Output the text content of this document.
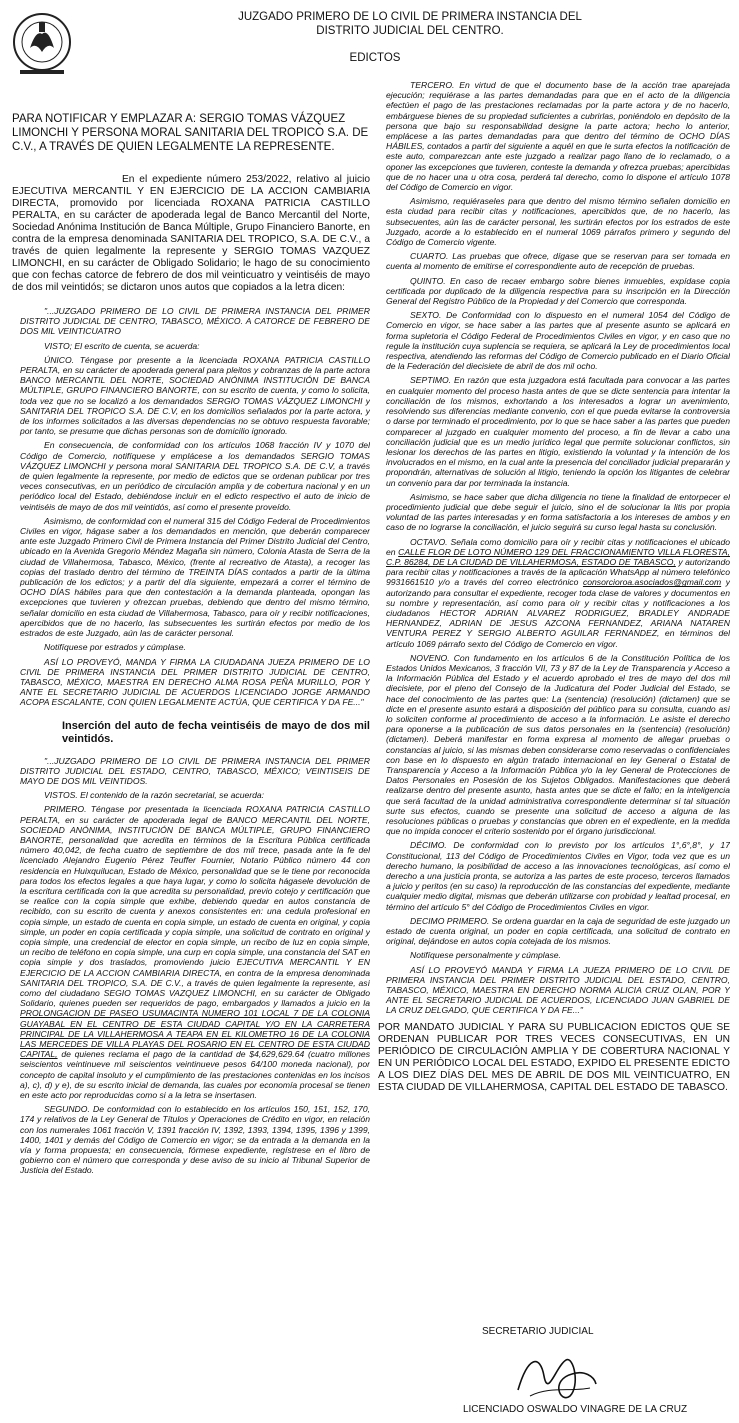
JUZGADO PRIMERO DE LO CIVIL DE PRIMERA INSTANCIA DEL
DISTRITO JUDICIAL DEL CENTRO.
EDICTOS

PARA NOTIFICAR Y EMPLAZAR A: SERGIO TOMAS VÁZQUEZ LIMONCHI Y PERSONA MORAL SANITARIA DEL TROPICO S.A. DE C.V., A TRAVÉS DE QUIEN LEGALMENTE LA REPRESENTE.

En el expediente número 253/2022, relativo al juicio EJECUTIVA MERCANTIL Y EN EJERCICIO DE LA ACCION CAMBIARIA DIRECTA, promovido por licenciada ROXANA PATRICIA CASTILLO PERALTA, en su carácter de apoderada legal de Banco Mercantil del Norte, Sociedad Anónima Institución de Banca Múltiple, Grupo Financiero Banorte, en contra de la empresa denominada SANITARIA DEL TROPICO, S.A. DE C.V., a través de quien legalmente la represente y SERGIO TOMAS VAZQUEZ LIMONCHI, en su carácter de Obligado Solidario; le hago de su conocimiento que con fechas catorce de febrero de dos mil veinticuatro y veintiséis de mayo de dos mil veintidós; se dictaron unos autos que copiados a la letra dicen:

"...JUZGADO PRIMERO DE LO CIVIL DE PRIMERA INSTANCIA DEL PRIMER DISTRITO JUDICIAL DE CENTRO, TABASCO, MÉXICO. A CATORCE DE FEBRERO DE DOS MIL VEINTICUATRO

VISTO; El escrito de cuenta, se acuerda:

ÚNICO. Téngase por presente a la licenciada ROXANA PATRICIA CASTILLO PERALTA, en su carácter de apoderada general para pleitos y cobranzas de la parte actora BANCO MERCANTIL DEL NORTE, SOCIEDAD ANÓNIMA INSTITUCIÓN DE BANCA MÚLTIPLE, GRUPO FINANCIERO BANORTE, con su escrito de cuenta, y como lo solicita, toda vez que no se localizó a los demandados SERGIO TOMAS VÁZQUEZ LIMONCHI y SANITARIA DEL TROPICO S.A. DE C.V, en los domicilios señalados por la parte actora, y de los informes solicitados a las diversas dependencias no se obtuvo respuesta favorable; por tanto, se presume que dichas personas son de domicilio ignorado.

En consecuencia, de conformidad con los artículos 1068 fracción IV y 1070 del Código de Comercio, notifíquese y emplácese a los demandados SERGIO TOMAS VÁZQUEZ LIMONCHI y persona moral SANITARIA DEL TROPICO S.A. DE C.V, a través de quien legalmente la represente, por medio de edictos que se ordenan publicar por tres veces consecutivas, en un periódico de circulación amplia y de cobertura nacional y en un periódico local del Estado, debiéndose incluir en el edicto respectivo el auto de inicio de veintiséis de mayo de dos mil veintidós, así como el presente proveído.

Asimismo, de conformidad con el numeral 315 del Código Federal de Procedimientos Civiles en vigor, hágase saber a los demandados en mención, que deberán comparecer ante este Juzgado Primero Civil de Primera Instancia del Primer Distrito Judicial del Centro, ubicado en la Avenida Gregorio Méndez Magaña sin número, Colonia Atasta de Serra de la ciudad de Villahermosa, Tabasco, México, (frente al recreativo de Atasta), a recoger las copias del traslado dentro del término de TREINTA DÍAS contados a partir de la última publicación de los edictos; y a partir del día siguiente, empezará a correr el término de OCHO DÍAS hábiles para que den contestación a la demanda planteada, opongan las excepciones que tuvieren y ofrezcan pruebas, debiendo que dentro del mismo término, señalar domicilio en esta ciudad de Villahermosa, Tabasco, para oír y recibir notificaciones, apercibidos que de no hacerlo, las subsecuentes les surtirán efectos por medio de los estrados de este Juzgado, aún las de carácter personal.

Notifíquese por estrados y cúmplase.

ASÍ LO PROVEYÓ, MANDA Y FIRMA LA CIUDADANA JUEZA PRIMERO DE LO CIVIL DE PRIMERA INSTANCIA DEL PRIMER DISTRITO JUDICIAL DE CENTRO, TABASCO, MÉXICO, MAESTRA EN DERECHO ALMA ROSA PEÑA MURILLO, POR Y ANTE EL SECRETARIO JUDICIAL DE ACUERDOS LICENCIADO JORGE ARMANDO ACOPA ESCALANTE, CON QUIEN LEGALMENTE ACTÚA, QUE CERTIFICA Y DA FE..."

Inserción del auto de fecha veintiséis de mayo de dos mil veintidós.

"...JUZGADO PRIMERO DE LO CIVIL DE PRIMERA INSTANCIA DEL PRIMER DISTRITO JUDICIAL DEL ESTADO, CENTRO, TABASCO, MÉXICO; VEINTISEIS DE MAYO DE DOS MIL VEINTIDOS.

VISTOS. El contenido de la razón secretarial, se acuerda:

PRIMERO. Téngase por presentada la licenciada ROXANA PATRICIA CASTILLO PERALTA, en su carácter de apoderada legal de BANCO MERCANTIL DEL NORTE, SOCIEDAD ANÓNIMA, INSTITUCIÓN DE BANCA MÚLTIPLE, GRUPO FINANCIERO BANORTE, personalidad que acredita en términos de la Escritura Pública certificada número 40,042, de fecha cuatro de septiembre de dos mil trece, pasada ante la fe del licenciado Alejandro Eugenio Pérez Teuffer Fournier, Notario Público número 44 con residencia en Huixquilucan, Estado de México, personalidad que se le tiene por reconocida para todos los efectos legales a que haya lugar, y como lo solicita hágasele devolución de la escritura certificada con la que acredita su personalidad, previo cotejo y certificación que se realice con la copia simple que exhibe, debiendo quedar en autos constancia de recibido, con su escrito de cuenta y anexos consistentes en: una cedula profesional en copia simple, un estado de cuenta en copia simple, un estado de cuenta en original, y copia simple, un poder en copia certificada y copia simple, una solicitud de contrato en original y copia simple, una credencial de elector en copia simple, un recibo de luz en copia simple, un recibo de teléfono en copia simple, una curp en copia simple, una constancia del SAT en copia simple y dos traslados, promoviendo juicio EJECUTIVA MERCANTIL Y EN EJERCICIO DE LA ACCION CAMBIARIA DIRECTA, en contra de la empresa denominada SANITARIA DEL TROPICO, S.A. DE C.V., a través de quien legalmente la represente, así como del ciudadano SEGIO TOMAS VAZQUEZ LIMONCHI, en su carácter de Obligado Solidario, quienes pueden ser requeridos de pago, embargados y llamados a juicio en la PROLONGACION DE PASEO USUMACINTA NUMERO 101 LOCAL 7 DE LA COLONIA GUAYABAL EN EL CENTRO DE ESTA CIUDAD CAPITAL Y/O EN LA CARRETERA PRINCIPAL DE LA VILLAHERMOSA A TEAPA EN EL KILOMETRO 16 DE LA COLONIA LAS MERCEDES DE VILLA PLAYAS DEL ROSARIO EN EL CENTRO DE ESTA CIUDAD CAPITAL, de quienes reclama el pago de la cantidad de $4,629,629.64 (cuatro millones seiscientos veintinueve mil seiscientos veintinueve pesos 64/100 moneda nacional), por concepto de capital insoluto y el cumplimiento de las prestaciones contenidas en los incisos a), c), d) y e), de su escrito inicial de demanda, las cuales por economía procesal se tienen en este acto por reproducidas como si a la letra se insertasen.

SEGUNDO. De conformidad con lo establecido en los artículos 150, 151, 152, 170, 174 y relativos de la Ley General de Títulos y Operaciones de Crédito en vigor, en relación con los numerales 1061 fracción V, 1391 fracción IV, 1392, 1393, 1394, 1395, 1396 y 1399, 1400, 1401 y demás del Código de Comercio en vigor; se da entrada a la demanda en la vía y forma propuesta; en consecuencia, fórmese expediente, regístrese en el libro de gobierno con el número que corresponda y dese aviso de su inicio al Tribunal Superior de Justicia del Estado.

TERCERO. En virtud de que el documento base de la acción trae aparejada ejecución; requiérase a las partes demandadas para que en el acto de la diligencia efectúen el pago de las prestaciones reclamadas por la parte actora y de no hacerlo, embárguese bienes de su propiedad suficientes a cubrirlas, poniéndolo en depósito de la persona que bajo su responsabilidad designe la parte actora; hecho lo anterior, emplácese a las partes demandadas para que dentro del término de OCHO DÍAS HÁBILES, contados a partir del siguiente a aquél en que le surta efectos la notificación de este auto, comparezcan ante este juzgado a realizar pago llano de lo reclamado, o a oponer las excepciones que tuvieren, conteste la demanda y ofrezca pruebas; apercibidas que de no hacer una u otra cosa, perderá tal derecho, como lo dispone el artículo 1078 del Código de Comercio en vigor.

Asimismo, requiéraseles para que dentro del mismo término señalen domicilio en esta ciudad para recibir citas y notificaciones, apercibidos que, de no hacerlo, las subsecuentes, aún las de carácter personal, les surtirán efectos por los estrados de este Juzgado, acorde a lo establecido en el numeral 1069 párrafos primero y segundo del Código de Comercio vigente.

CUARTO. Las pruebas que ofrece, dígase que se reservan para ser tomada en cuenta al momento de emitirse el correspondiente auto de recepción de pruebas.

QUINTO. En caso de recaer embargo sobre bienes inmuebles, expídase copia certificada por duplicado de la diligencia respectiva para su inscripción en la Dirección General del Registro Público de la Propiedad y del Comercio que corresponda.

SEXTO. De Conformidad con lo dispuesto en el numeral 1054 del Código de Comercio en vigor, se hace saber a las partes que al presente asunto se aplicará en forma supletoria el Código Federal de Procedimientos Civiles en vigor, y en caso que no regule la institución cuya suplencia se requiera, se aplicará la Ley de procedimientos local respectiva, atendiendo las reformas del Código de Comercio publicado en el Diario Oficial de la Federación del diecisiete de abril de dos mil ocho.

SEPTIMO. En razón que esta juzgadora está facultada para convocar a las partes en cualquier momento del proceso hasta antes de que se dicte sentencia para intentar la conciliación de los mismos, exhortando a los interesados a lograr un avenimiento, resolviendo sus diferencias mediante convenio, con el que pueda evitarse la controversia o darse por terminado el procedimiento, por lo que se hace saber a las partes que pueden comparecer al juzgado en cualquier momento del proceso, a fin de llevar a cabo una conciliación judicial que es un medio jurídico legal que permite solucionar conflictos, sin lesionar los derechos de las partes en litigio, existiendo la voluntad y la intención de los involucrados en el mismo, en la cual ante la presencia del conciliador judicial prepararán y propondrán, alternativas de solución al litigio, teniendo la opción los litigantes de celebrar un convenio para dar por terminada la instancia.

Asimismo, se hace saber que dicha diligencia no tiene la finalidad de entorpecer el procedimiento judicial que debe seguir el juicio, sino el de solucionar la litis por propia voluntad de las partes interesadas y en forma satisfactoria a los intereses de ambos y en caso de no lograrse la conciliación, el juicio seguirá su curso legal hasta su conclusión.

OCTAVO. Señala como domicilio para oír y recibir citas y notificaciones el ubicado en CALLE FLOR DE LOTO NÚMERO 129 DEL FRACCIONAMIENTO VILLA FLORESTA, C.P. 86284, DE LA CIUDAD DE VILLAHERMOSA, ESTADO DE TABASCO, y autorizando para recibir citas y notificaciones a través de la aplicación WhatsApp al número telefónico 9931661510 y/o a través del correo electrónico consorcioroa.asociados@gmail.com y autorizando para consultar el expediente, recoger toda clase de valores y documentos en su nombre y representación, así como para oír y recibir citas y notificaciones a los ciudadanos HECTOR ADRIAN ALVAREZ RODRIGUEZ, BRADLEY ANDRADE HERNANDEZ, ADRIAN DE JESUS AZCONA FERNANDEZ, ARIANA NATAREN VENTURA PEREZ Y SERGIO ALBERTO AGUILAR FERNANDEZ, en términos del artículo 1069 párrafo sexto del Código de Comercio en vigor.

NOVENO. Con fundamento en los artículos 6 de la Constitución Política de los Estados Unidos Mexicanos, 3 fracción VII, 73 y 87 de la Ley de Transparencia y Acceso a la Información Pública del Estado y el acuerdo aprobado el tres de mayo del dos mil diecisiete, por el pleno del Consejo de la Judicatura del Poder Judicial del Estado, se hace del conocimiento de las partes que: La (sentencia) (resolución) (dictamen) que se dicte en el presente asunto estará a disposición del público para su consulta, cuando así lo soliciten conforme al procedimiento de acceso a la información. Le asiste el derecho para oponerse a la publicación de sus datos personales en la (sentencia) (resolución) (dictamen). Deberá manifestar en forma expresa al momento de allegar pruebas o constancias al juicio, si las mismas deben considerarse como reservadas o confidenciales con base en lo dispuesto en algún tratado internacional en ley General o Estatal de Transparencia y Acceso a la Información Pública y/o la ley General de Protecciones de Datos Personales en Posesión de los Sujetos Obligados. Manifestaciones que deberá realizarse dentro del presente asunto, hasta antes que se dicte el fallo; en la inteligencia que será facultad de la unidad administrativa correspondiente determinar si tal situación surte sus efectos, cuando se presente una solicitud de acceso a alguna de las resoluciones públicas o pruebas y constancias que obren en el expediente, en la medida que no impida conocer el criterio sostenido por el órgano jurisdiccional.

DÉCIMO. De conformidad con lo previsto por los artículos 1°,6°,8°, y 17 Constitucional, 113 del Código de Procedimientos Civiles en Vigor, toda vez que es un derecho humano, la posibilidad de acceso a las innovaciones tecnológicas, así como el derecho a una justicia pronta, se autoriza a las partes de este proceso, terceros llamados a juicio y peritos (en su caso) la reproducción de las constancias del expediente, mediante cualquier medio digital, mismas que deberán utilizarse con probidad y lealtad procesal, en término del artículo 5° del Código de Procedimientos Civiles en vigor.

DECIMO PRIMERO. Se ordena guardar en la caja de seguridad de este juzgado un estado de cuenta original, un poder en copia certificada, una solicitud de contrato en original, dejándose en autos copia cotejada de los mismos.

Notifíquese personalmente y cúmplase.

ASÍ LO PROVEYÓ MANDA Y FIRMA LA JUEZA PRIMERO DE LO CIVIL DE PRIMERA INSTANCIA DEL PRIMER DISTRITO JUDICIAL DEL ESTADO, CENTRO, TABASCO, MÉXICO, MAESTRA EN DERECHO NORMA ALICIA CRUZ OLAN, POR Y ANTE EL SECRETARIO JUDICIAL DE ACUERDOS, LICENCIADO JUAN GABRIEL DE LA CRUZ DELGADO, QUE CERTIFICA Y DA FE..."

POR MANDATO JUDICIAL Y PARA SU PUBLICACION EDICTOS QUE SE ORDENAN PUBLICAR POR TRES VECES CONSECUTIVAS, EN UN PERIÓDICO DE CIRCULACIÓN AMPLIA Y DE COBERTURA NACIONAL Y EN UN PERIÓDICO LOCAL DEL ESTADO, EXPIDO EL PRESENTE EDICTO A LOS DIEZ DÍAS DEL MES DE ABRIL DE DOS MIL VEINTICUATRO, EN ESTA CIUDAD DE VILLAHERMOSA, CAPITAL DEL ESTADO DE TABASCO.

SECRETARIO JUDICIAL
LICENCIADO OSWALDO VINAGRE DE LA CRUZ
